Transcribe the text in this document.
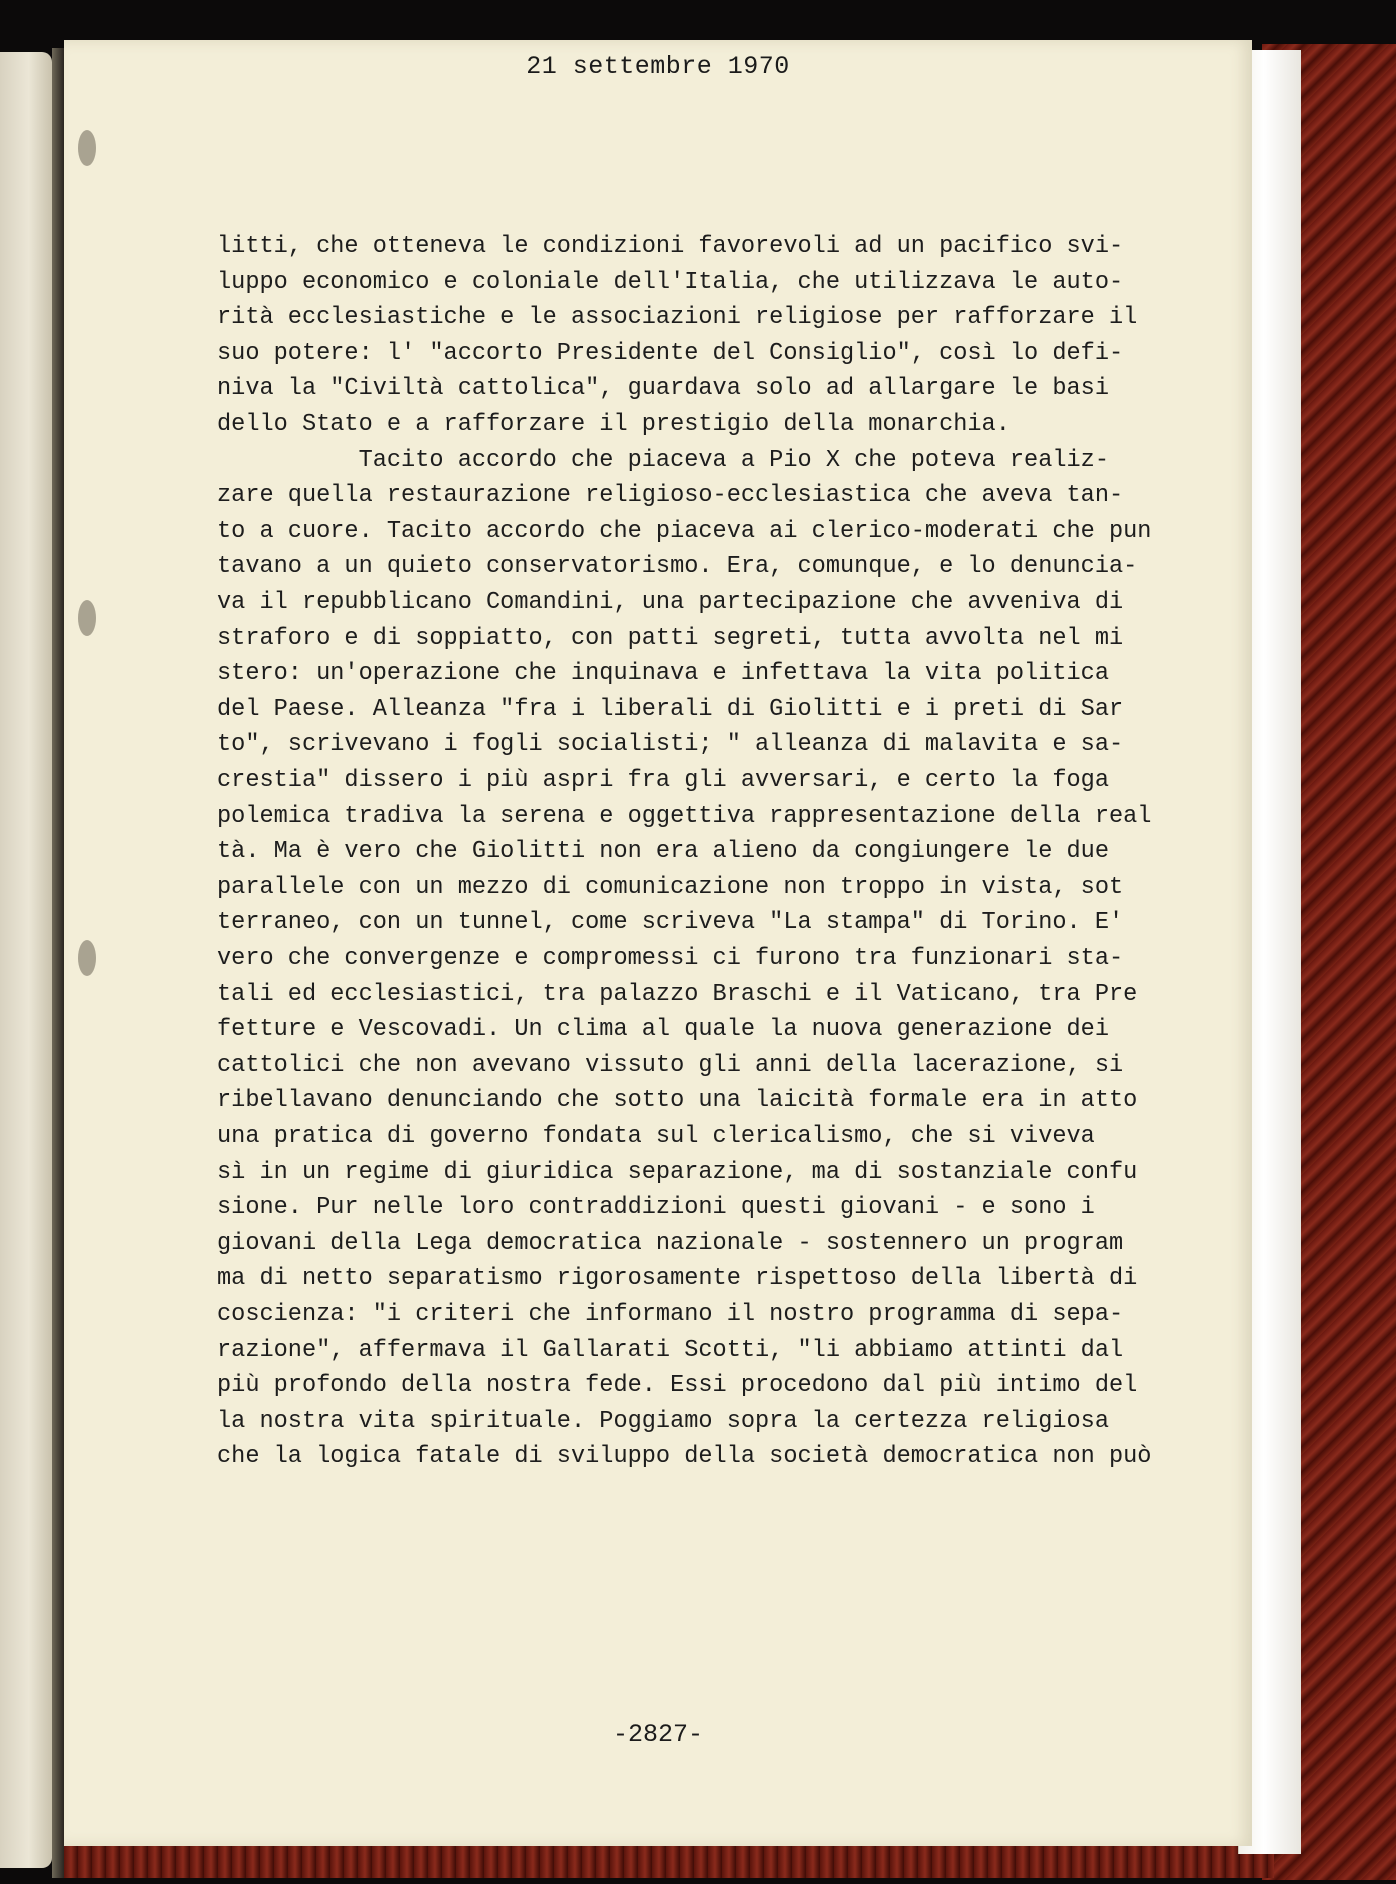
21 settembre 1970
litti, che otteneva le condizioni favorevoli ad un pacifico svi-
luppo economico e coloniale dell'Italia, che utilizzava le auto-
rità ecclesiastiche e le associazioni religiose per rafforzare il
suo potere: l' "accorto Presidente del Consiglio", così lo defi-
niva la "Civiltà cattolica", guardava solo ad allargare le basi
dello Stato e a rafforzare il prestigio della monarchia.
Tacito accordo che piaceva a Pio X che poteva realiz-
zare quella restaurazione religioso-ecclesiastica che aveva tan-
to a cuore. Tacito accordo che piaceva ai clerico-moderati che pun
tavano a un quieto conservatorismo. Era, comunque, e lo denuncia-
va il repubblicano Comandini, una partecipazione che avveniva di
straforo e di soppiatto, con patti segreti, tutta avvolta nel mi
stero: un'operazione che inquinava e infettava la vita politica
del Paese. Alleanza "fra i liberali di Giolitti e i preti di Sar
to", scrivevano i fogli socialisti; " alleanza di malavita e sa-
crestia" dissero i più aspri fra gli avversari, e certo la foga
polemica tradiva la serena e oggettiva rappresentazione della real
tà. Ma è vero che Giolitti non era alieno da congiungere le due
parallele con un mezzo di comunicazione non troppo in vista, sot
terraneo, con un tunnel, come scriveva "La stampa" di Torino. E'
vero che convergenze e compromessi ci furono tra funzionari sta-
tali ed ecclesiastici, tra palazzo Braschi e il Vaticano, tra Pre
fetture e Vescovadi. Un clima al quale la nuova generazione dei
cattolici che non avevano vissuto gli anni della lacerazione, si
ribellavano denunciando che sotto una laicità formale era in atto
una pratica di governo fondata sul clericalismo, che si viveva
sì in un regime di giuridica separazione, ma di sostanziale confu
sione. Pur nelle loro contraddizioni questi giovani - e sono i
giovani della Lega democratica nazionale - sostennero un program
ma di netto separatismo rigorosamente rispettoso della libertà di
coscienza: "i criteri che informano il nostro programma di sepa-
razione", affermava il Gallarati Scotti, "li abbiamo attinti dal
più profondo della nostra fede. Essi procedono dal più intimo del
la nostra vita spirituale. Poggiamo sopra la certezza religiosa
che la logica fatale di sviluppo della società democratica non può
-2827-
